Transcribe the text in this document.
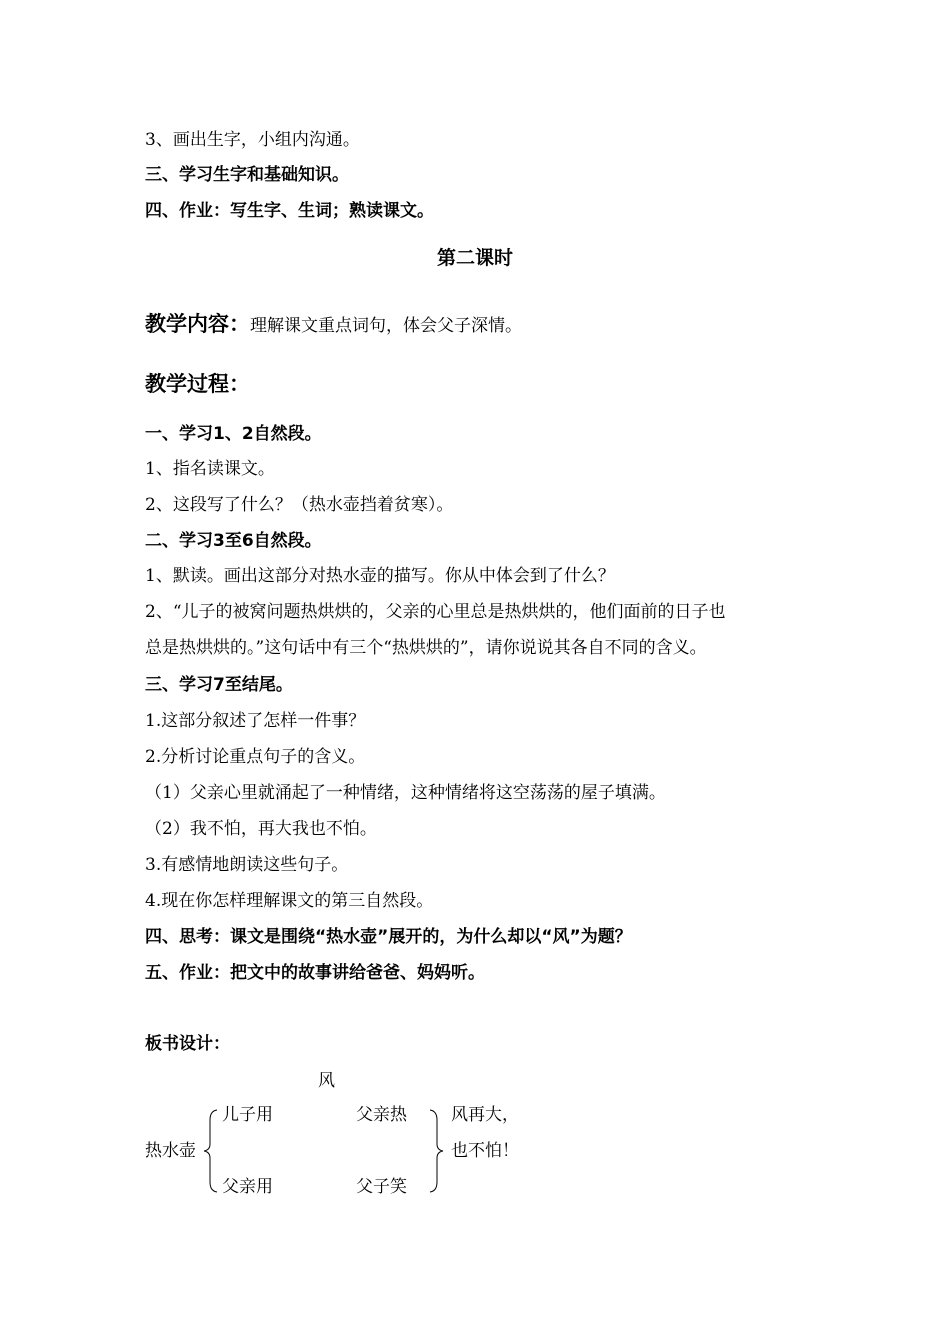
3、画出生字，小组内沟通。
三、学习生字和基础知识。
四、作业：写生字、生词；熟读课文。
第二课时
教学内容：理解课文重点词句，体会父子深情。
教学过程：
一、学习1、2自然段。
1、指名读课文。
2、这段写了什么？（热水壶挡着贫寒）。
二、学习3至6自然段。
1、默读。画出这部分对热水壶的描写。你从中体会到了什么？
2、“儿子的被窝问题热烘烘的，父亲的心里总是热烘烘的，他们面前的日子也
总是热烘烘的。”这句话中有三个“热烘烘的”，请你说说其各自不同的含义。
三、学习7至结尾。
1.这部分叙述了怎样一件事？
2.分析讨论重点句子的含义。
（1）父亲心里就涌起了一种情绪，这种情绪将这空荡荡的屋子填满。
（2）我不怕，再大我也不怕。
3.有感情地朗读这些句子。
4.现在你怎样理解课文的第三自然段。
四、思考：课文是围绕“热水壶”展开的，为什么却以“风”为题？
五、作业：把文中的故事讲给爸爸、妈妈听。
板书设计：
风
热水壶
儿子用	父亲热
父亲用	父子笑
风再大，
也不怕！
